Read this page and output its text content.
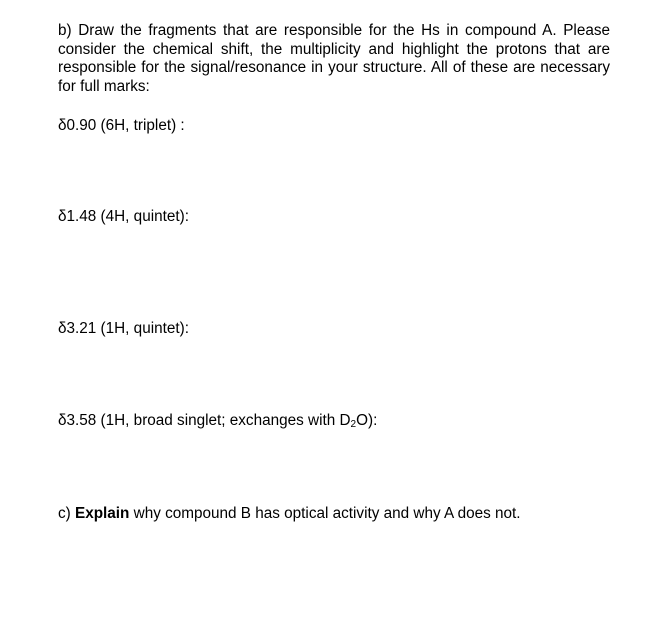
b) Draw the fragments that are responsible for the Hs in compound A. Please consider the chemical shift, the multiplicity and highlight the protons that are responsible for the signal/resonance in your structure. All of these are necessary for full marks:

δ0.90 (6H, triplet) :

δ1.48 (4H, quintet):

δ3.21 (1H, quintet):

δ3.58 (1H, broad singlet; exchanges with $D_2O$):

c) Explain why compound B has optical activity and why A does not.
